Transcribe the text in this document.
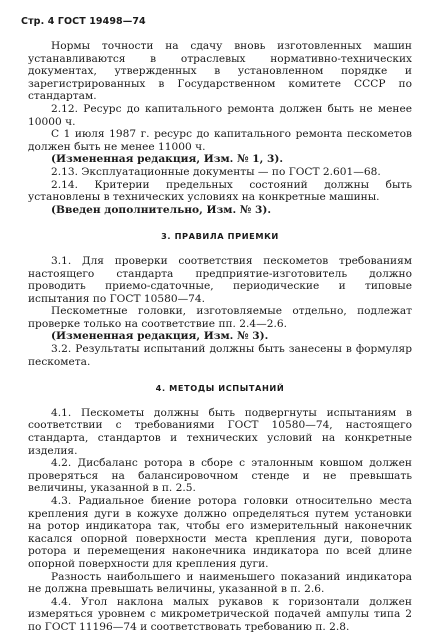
Стр. 4 ГОСТ 19498—74

Нормы точности на сдачу вновь изготовленных машин устанавливаются в отраслевых нормативно-технических документах, утвержденных в установленном порядке и зарегистрированных в Государственном комитете СССР по стандартам.

2.12. Ресурс до капитального ремонта должен быть не менее 10000 ч.

С 1 июля 1987 г. ресурс до капитального ремонта пескометов должен быть не менее 11000 ч.

(Измененная редакция, Изм. № 1, 3).

2.13. Эксплуатационные документы — по ГОСТ 2.601—68.

2.14. Критерии предельных состояний должны быть установлены в технических условиях на конкретные машины.

(Введен дополнительно, Изм. № 3).

3. ПРАВИЛА ПРИЕМКИ

3.1. Для проверки соответствия пескометов требованиям настоящего стандарта предприятие-изготовитель должно проводить приемо-сдаточные, периодические и типовые испытания по ГОСТ 10580—74.

Пескометные головки, изготовляемые отдельно, подлежат проверке только на соответствие пп. 2.4—2.6.

(Измененная редакция, Изм. № 3).

3.2. Результаты испытаний должны быть занесены в формуляр пескомета.

4. МЕТОДЫ ИСПЫТАНИЙ

4.1. Пескометы должны быть подвергнуты испытаниям в соответствии с требованиями ГОСТ 10580—74, настоящего стандарта, стандартов и технических условий на конкретные изделия.

4.2. Дисбаланс ротора в сборе с эталонным ковшом должен проверяться на балансировочном стенде и не превышать величины, указанной в п. 2.5.

4.3. Радиальное биение ротора головки относительно места крепления дуги в кожухе должно определяться путем установки на ротор индикатора так, чтобы его измерительный наконечник касался опорной поверхности места крепления дуги, поворота ротора и перемещения наконечника индикатора по всей длине опорной поверхности для крепления дуги.

Разность наибольшего и наименьшего показаний индикатора не должна превышать величины, указанной в п. 2.6.

4.4. Угол наклона малых рукавов к горизонтали должен измеряться уровнем с микрометрической подачей ампулы типа 2 по ГОСТ 11196—74 и соответствовать требованию п. 2.8.
